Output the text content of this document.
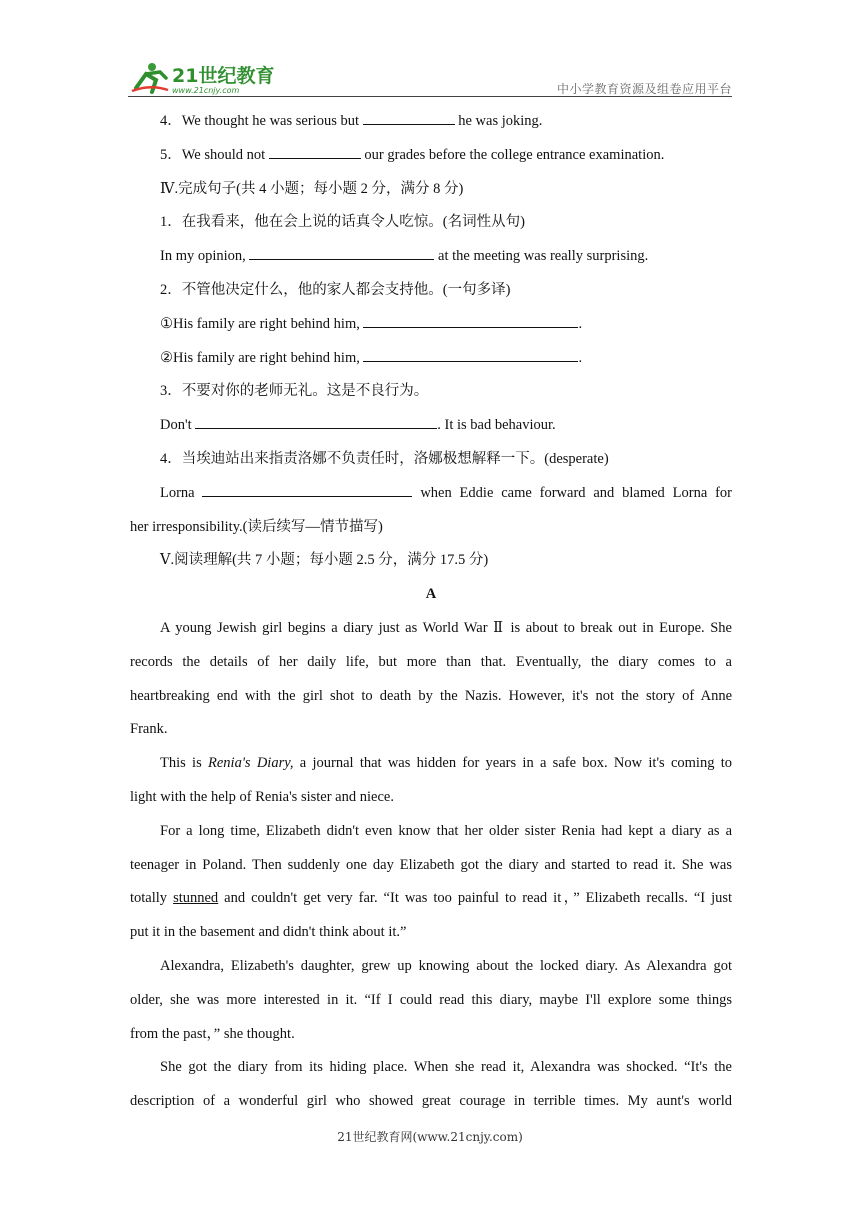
21世纪教育
www.21cnjy.com	中小学教育资源及组卷应用平台
4．We thought he was serious but	he was joking.
5．We should not	our grades before the college entrance examination.
Ⅳ.完成句子(共 4 小题；每小题 2 分，满分 8 分)
1．在我看来，他在会上说的话真令人吃惊。(名词性从句)
In my opinion,	at the meeting was really surprising.
2．不管他决定什么，他的家人都会支持他。(一句多译)
①His family are right behind him,	.
②His family are right behind him,	.
3．不要对你的老师无礼。这是不良行为。
Don't	. It is bad behaviour.
4．当埃迪站出来指责洛娜不负责任时，洛娜极想解释一下。(desperate)
Lorna	when Eddie came forward and blamed Lorna for
her irresponsibility.(读后续写—情节描写)
Ⅴ.阅读理解(共 7 小题；每小题 2.5 分，满分 17.5 分)
A
A young Jewish girl begins a diary just as World War Ⅱ is about to break out in Europe. She
records the details of her daily life, but more than that. Eventually, the diary comes to a
heartbreaking end with the girl shot to death by the Nazis. However, it's not the story of Anne
Frank.
This is Renia's Diary, a journal that was hidden for years in a safe box. Now it's coming to
light with the help of Renia's sister and niece.
For a long time, Elizabeth didn't even know that her older sister Renia had kept a diary as a
teenager in Poland. Then suddenly one day Elizabeth got the diary and started to read it. She was
totally stunned and couldn't get very far. “It was too painful to read it，” Elizabeth recalls. “I just
put it in the basement and didn't think about it.”
Alexandra, Elizabeth's daughter, grew up knowing about the locked diary. As Alexandra got
older, she was more interested in it. “If I could read this diary, maybe I'll explore some things
from the past，” she thought.
She got the diary from its hiding place. When she read it, Alexandra was shocked. “It's the
description of a wonderful girl who showed great courage in terrible times. My aunt's world
21世纪教育网(www.21cnjy.com)
